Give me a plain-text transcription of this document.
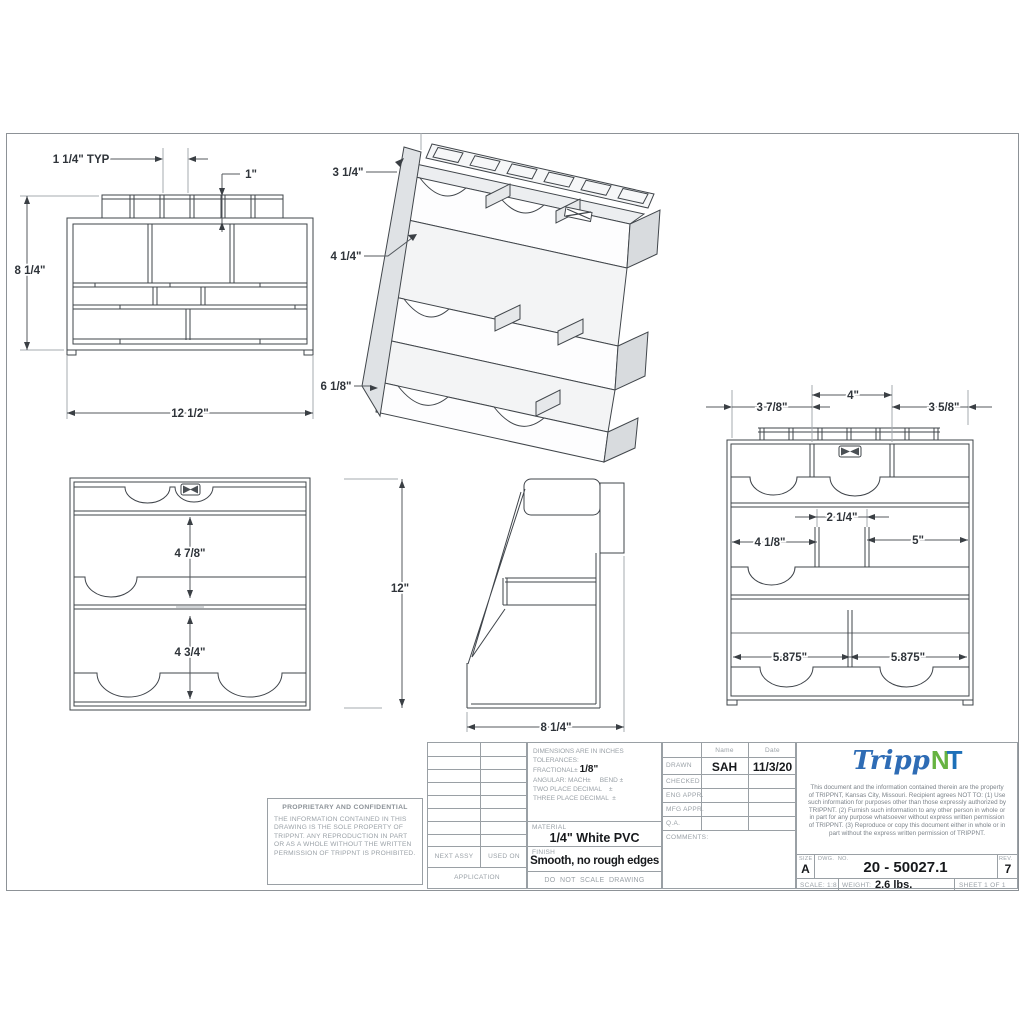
1 1/4" TYP
1"
8 1/4"
12 1/2"
3 1/4"
4 1/4"
6 1/8"
4 7/8"
4 3/4"
12"
8 1/4"
4"
3 7/8"	3 5/8"
2 1/4"
4 1/8"	5"
5.875"	5.875"
PROPRIETARY AND CONFIDENTIAL
THE INFORMATION CONTAINED IN THIS DRAWING IS THE SOLE PROPERTY OF TRIPPNT. ANY REPRODUCTION IN PART OR AS A WHOLE WITHOUT THE WRITTEN PERMISSION OF TRIPPNT IS PROHIBITED.	NEXT ASSY	USED ON
APPLICATION
DIMENSIONS ARE IN INCHES
TOLERANCES:
FRACTIONAL± 1/8"
ANGULAR: MACH±     BEND ±
TWO PLACE DECIMAL    ±
THREE PLACE DECIMAL  ±
MATERIAL
1/4" White PVC
FINISH
Smooth, no rough edges
DO  NOT  SCALE  DRAWING
Name	Date
DRAWN	SAH	11/3/20
CHECKED
ENG APPR.
MFG APPR.
Q.A.
COMMENTS:
Tripp N
T
This document and the information contained therein are the property of TRIPPNT, Kansas City, Missouri. Recipient agrees NOT TO: (1) Use such information for purposes other than those expressly authorized by TRIPPNT. (2) Furnish such information to any other person in whole or in part for any purpose whatsoever without express written permission of TRIPPNT. (3) Reproduce or copy this document either in whole or in part without the express written permission of TRIPPNT.
SIZE
A
DWG.  NO. 20 - 50027.1	REV.
7
SCALE: 1:8 WEIGHT: 2.6 lbs.	SHEET 1 OF 1
